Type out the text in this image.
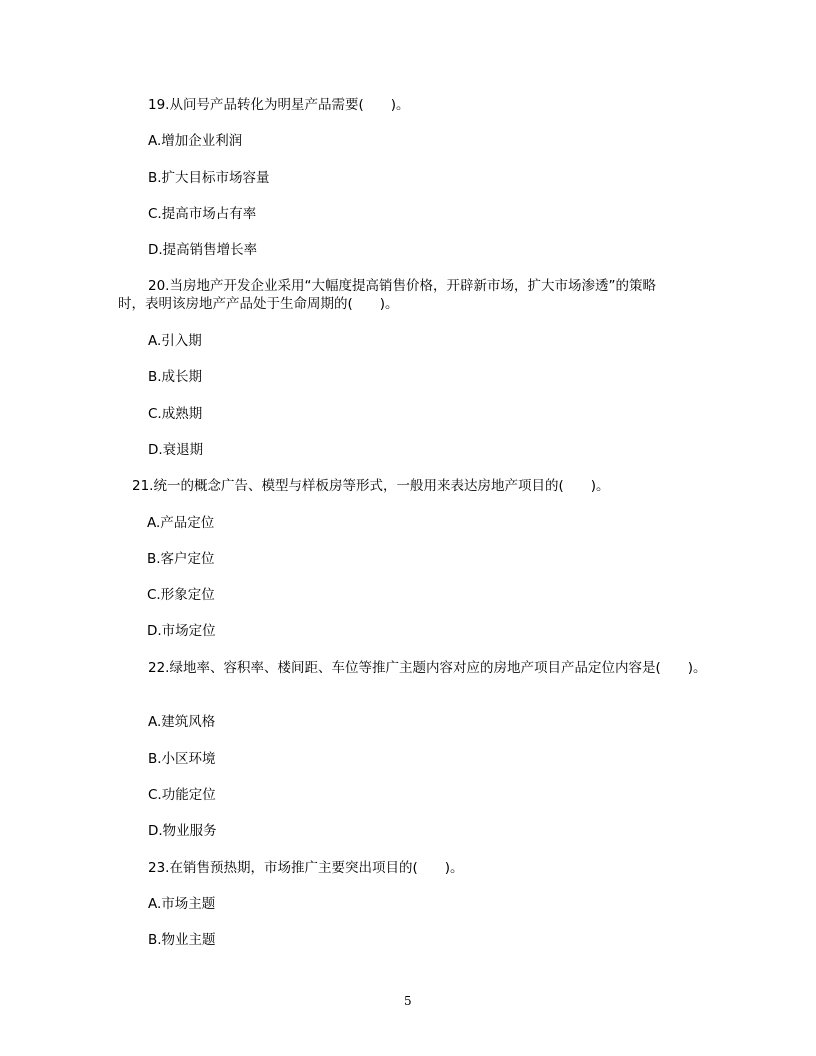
19.从问号产品转化为明星产品需要(　　)。
A.增加企业利润
B.扩大目标市场容量
C.提高市场占有率
D.提高销售增长率
20.当房地产开发企业采用“大幅度提高销售价格，开辟新市场，扩大市场渗透”的策略
时，表明该房地产产品处于生命周期的(　　)。
A.引入期
B.成长期
C.成熟期
D.衰退期
21.统一的概念广告、模型与样板房等形式，一般用来表达房地产项目的(　　)。
A.产品定位
B.客户定位
C.形象定位
D.市场定位
22.绿地率、容积率、楼间距、车位等推广主题内容对应的房地产项目产品定位内容是(　　)。
A.建筑风格
B.小区环境
C.功能定位
D.物业服务
23.在销售预热期，市场推广主要突出项目的(　　)。
A.市场主题
B.物业主题
5
